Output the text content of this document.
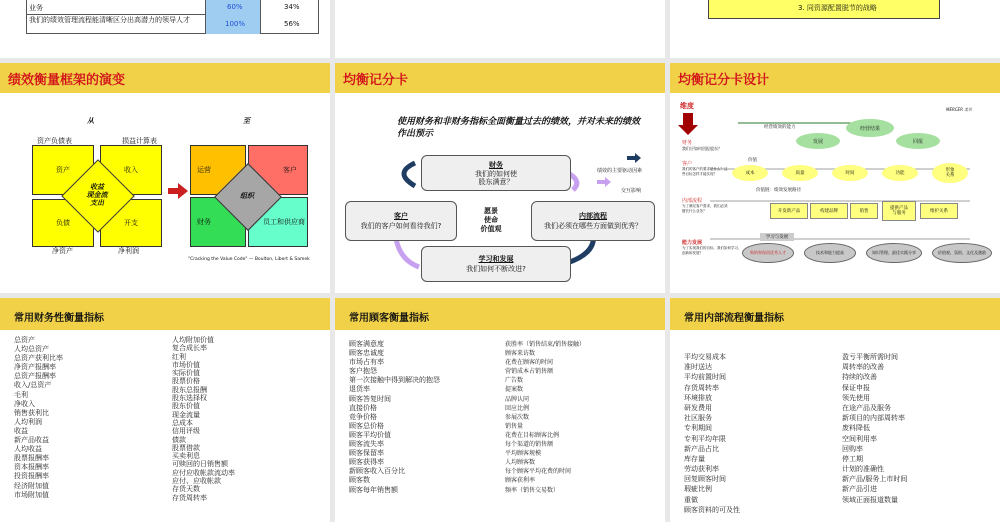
业务	60%	34%
我们的绩效管理流程能清晰区分出高潜力的领导人才	100%	56%
3. 同资源配置脱节的战略
绩效衡量框架的演变
从	至
资产负债表	损益计算表
资产	收入
负债	开支
收益
现金流
支出
净资产	净利润
运营	客户
财务	员工和供应商
组织
"Cracking the Value Code" — Boulton, Libert & Samek
均衡记分卡
使用财务和非财务指标全面衡量过去的绩效，并对未来的绩效作出预示
财务
我们的如何使
股东满意？
客户
我们的客户如何看待我们?
内部流程
我们必须在哪些方面做到优秀？
学习和发展
我们如何不断改进?
愿景
使命
价值观
绩效的主要驱动因素
交互影响
均衡记分卡设计
维度	MERCER 美世
财务
我们应如何回报股东？
经营绩效的能力	经营结果
发展	回报
客户
我们的客户的要求是什么？这些目标怎样才能实现？
价值
成本	质量	时间	功能
形象
关系
价值链：绩效发展路径
内部流程
为了满足客户需求，我们必须擅长什么业务？	开发新产品	构建品牌	销售
提供产品
与服务	维护关系
能力发展
为了实现我们的目标，我们如何学习、创新和发展？
学习与发展
吸纳和保留优秀人才	技术和能力提高	知识管理、最佳实践分享	价值观、氛围、文化及激励
常用财务性衡量指标
总资产
人均总资产
总资产获利比率
净资产报酬率
总资产报酬率
收入/总资产
毛利
净收入
销售获利比
人均利润
收益
新产品收益
人均收益
股票报酬率
资本报酬率
投资报酬率
经济附加值
市场附加值
人均附加价值
复合成长率
红利
市场价值
实际价值
股票价格
股东总报酬
股东选择权
股东价值
现金流量
总成本
信用评级
债款
股票借款
买卖利息
可赎回的日销售额
应付应收帐款流动率
应付、应收帐款
存货天数
存货周转率
常用顾客衡量指标
顾客满意度
顾客忠诚度
市场占有率
客户抱怨
第一次接触中得到解决的抱怨
退货率
顾客答复时间
直接价格
竞争价格
顾客总价格
顾客平均价值
顾客流失率
顾客保留率
顾客获得率
新顾客收入百分比
顾客数
顾客每年销售额
获胜率（销售结束/销售接触）
顾客来访数
花费在顾客的时间
营销成本占销售额
广告数
提案数
品牌认同
回应比例
参展次数
销售量
花费在目标顾客比例
每个渠道的销售额
平均顾客规模
人均顾客数
每个顾客平均花费的时间
顾客获利率
频率（销售交易数）
常用内部流程衡量指标
平均交易成本
准时送达
平均前置时间
存货周转率
环境排放
研发费用
社区服务
专利期间
专利平均年限
新产品占比
库存量
劳动获利率
回复顾客时间
瑕疵比例
重做
顾客资料的可及性
盈亏平衡所需时间
周转率的改善
持续的改善
保证申报
领先使用
在途产品及服务
新项目的内部周转率
废料降低
空间利用率
回购率
停工期
计划的准确性
新产品/服务上市时间
新产品引进
领域正面报道数量
